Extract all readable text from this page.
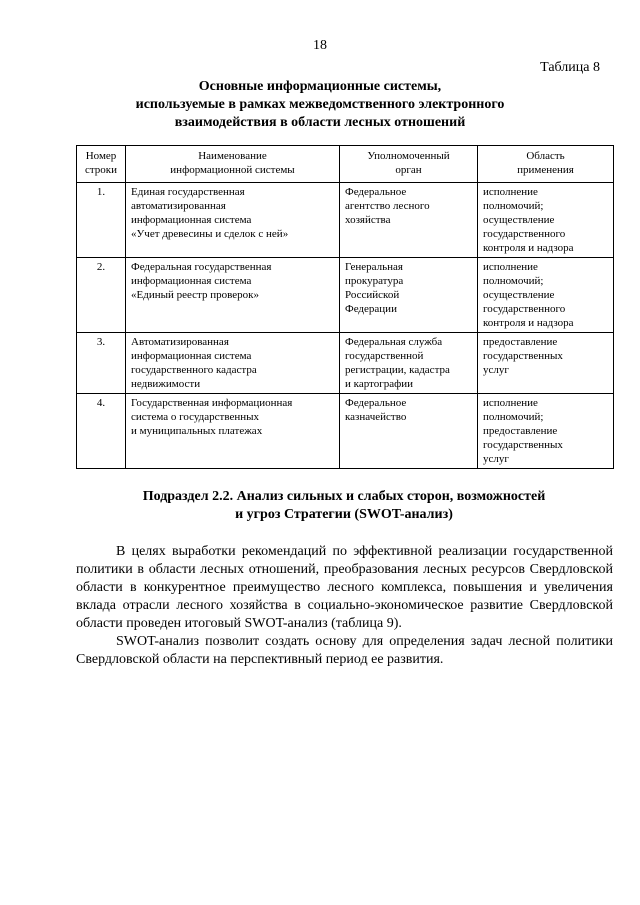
18
Таблица 8
Основные информационные системы,
используемые в рамках межведомственного электронного
взаимодействия в области лесных отношений
Номер
строки	Наименование
информационной системы	Уполномоченный
орган	Область
применения
1.	Единая государственная
автоматизированная
информационная система
«Учет древесины и сделок с ней»	Федеральное
агентство лесного
хозяйства	исполнение
полномочий;
осуществление
государственного
контроля и надзора
2.	Федеральная государственная
информационная система
«Единый реестр проверок»	Генеральная
прокуратура
Российской
Федерации	исполнение
полномочий;
осуществление
государственного
контроля и надзора
3.	Автоматизированная
информационная система
государственного кадастра
недвижимости	Федеральная служба
государственной
регистрации, кадастра
и картографии	предоставление
государственных
услуг
4.	Государственная информационная
система о государственных
и муниципальных платежах	Федеральное
казначейство	исполнение
полномочий;
предоставление
государственных
услуг
Подраздел 2.2. Анализ сильных и слабых сторон, возможностей
и угроз Стратегии (SWOT-анализ)

В целях выработки рекомендаций по эффективной реализации государственной политики в области лесных отношений, преобразования лесных ресурсов Свердловской области в конкурентное преимущество лесного комплекса, повышения и увеличения вклада отрасли лесного хозяйства в социально-экономическое развитие Свердловской области проведен итоговый SWOT-анализ (таблица 9).

SWOT-анализ позволит создать основу для определения задач лесной политики Свердловской области на перспективный период ее развития.
